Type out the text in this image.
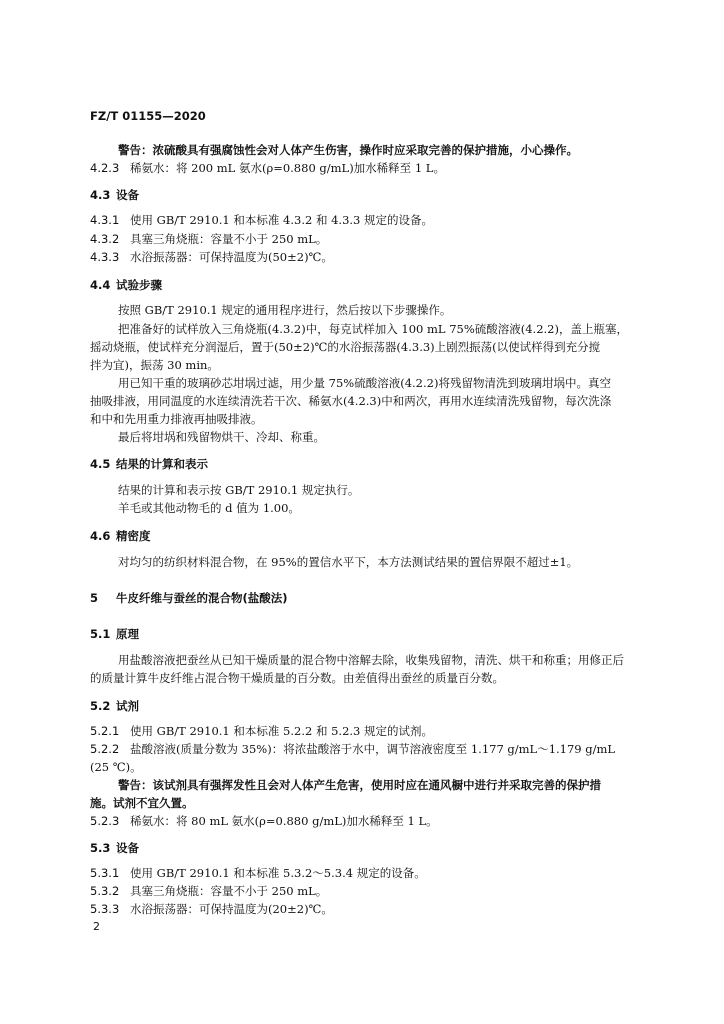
FZ/T 01155—2020
警告：浓硫酸具有强腐蚀性会对人体产生伤害，操作时应采取完善的保护措施，小心操作。
4.2.3 稀氨水：将 200 mL 氨水(ρ=0.880 g/mL)加水稀释至 1 L。
4.3 设备
4.3.1 使用 GB/T 2910.1 和本标准 4.3.2 和 4.3.3 规定的设备。
4.3.2 具塞三角烧瓶：容量不小于 250 mL。
4.3.3 水浴振荡器：可保持温度为(50±2)℃。
4.4 试验步骤
按照 GB/T 2910.1 规定的通用程序进行，然后按以下步骤操作。
把准备好的试样放入三角烧瓶(4.3.2)中，每克试样加入 100 mL 75%硫酸溶液(4.2.2)，盖上瓶塞，
摇动烧瓶，使试样充分润湿后，置于(50±2)℃的水浴振荡器(4.3.3)上剧烈振荡(以使试样得到充分搅
拌为宜)，振荡 30 min。
用已知干重的玻璃砂芯坩埚过滤，用少量 75%硫酸溶液(4.2.2)将残留物清洗到玻璃坩埚中。真空
抽吸排液，用同温度的水连续清洗若干次、稀氨水(4.2.3)中和两次，再用水连续清洗残留物，每次洗涤
和中和先用重力排液再抽吸排液。
最后将坩埚和残留物烘干、冷却、称重。
4.5 结果的计算和表示
结果的计算和表示按 GB/T 2910.1 规定执行。
羊毛或其他动物毛的 d 值为 1.00。
4.6 精密度
对均匀的纺织材料混合物，在 95%的置信水平下，本方法测试结果的置信界限不超过±1。
5 牛皮纤维与蚕丝的混合物(盐酸法)
5.1 原理
用盐酸溶液把蚕丝从已知干燥质量的混合物中溶解去除，收集残留物，清洗、烘干和称重；用修正后
的质量计算牛皮纤维占混合物干燥质量的百分数。由差值得出蚕丝的质量百分数。
5.2 试剂
5.2.1 使用 GB/T 2910.1 和本标准 5.2.2 和 5.2.3 规定的试剂。
5.2.2 盐酸溶液(质量分数为 35%)：将浓盐酸溶于水中，调节溶液密度至 1.177 g/mL～1.179 g/mL
(25 ℃)。
警告：该试剂具有强挥发性且会对人体产生危害，使用时应在通风橱中进行并采取完善的保护措
施。试剂不宜久置。
5.2.3 稀氨水：将 80 mL 氨水(ρ=0.880 g/mL)加水稀释至 1 L。
5.3 设备
5.3.1 使用 GB/T 2910.1 和本标准 5.3.2～5.3.4 规定的设备。
5.3.2 具塞三角烧瓶：容量不小于 250 mL。
5.3.3 水浴振荡器：可保持温度为(20±2)℃。
2
